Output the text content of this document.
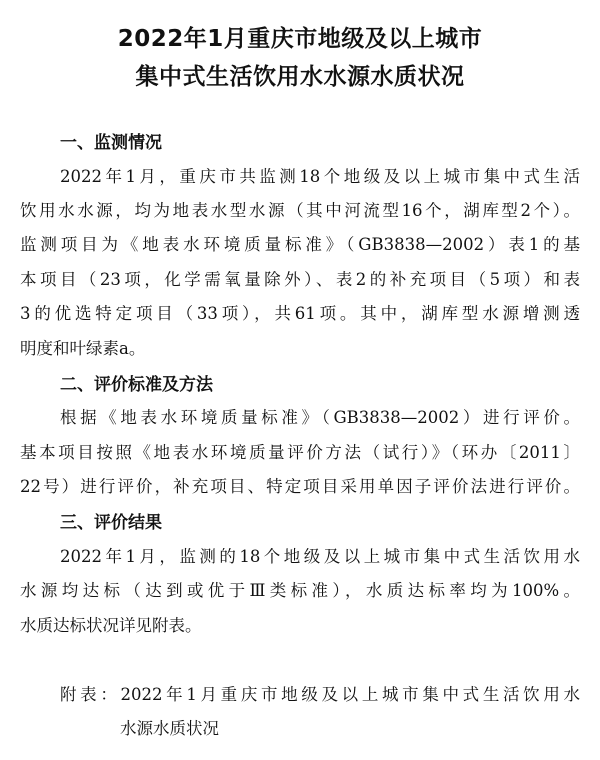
2022年1月重庆市地级及以上城市
集中式生活饮用水水源水质状况
一、监测情况
2022年1月，重庆市共监测18个地级及以上城市集中式生活
饮用水水源，均为地表水型水源（其中河流型16个，湖库型2个）。
监测项目为《地表水环境质量标准》（GB3838—2002）表1的基
本项目（23项，化学需氧量除外）、表2的补充项目（5项）和表
3的优选特定项目（33项），共61项。其中，湖库型水源增测透
明度和叶绿素a。
二、评价标准及方法
根据《地表水环境质量标准》（GB3838—2002）进行评价。
基本项目按照《地表水环境质量评价方法（试行）》（环办〔2011〕
22号）进行评价，补充项目、特定项目采用单因子评价法进行评价。
三、评价结果
2022年1月，监测的18个地级及以上城市集中式生活饮用水
水源均达标（达到或优于Ⅲ类标准），水质达标率均为100%。
水质达标状况详见附表。
附表：2022年1月重庆市地级及以上城市集中式生活饮用水
水源水质状况
